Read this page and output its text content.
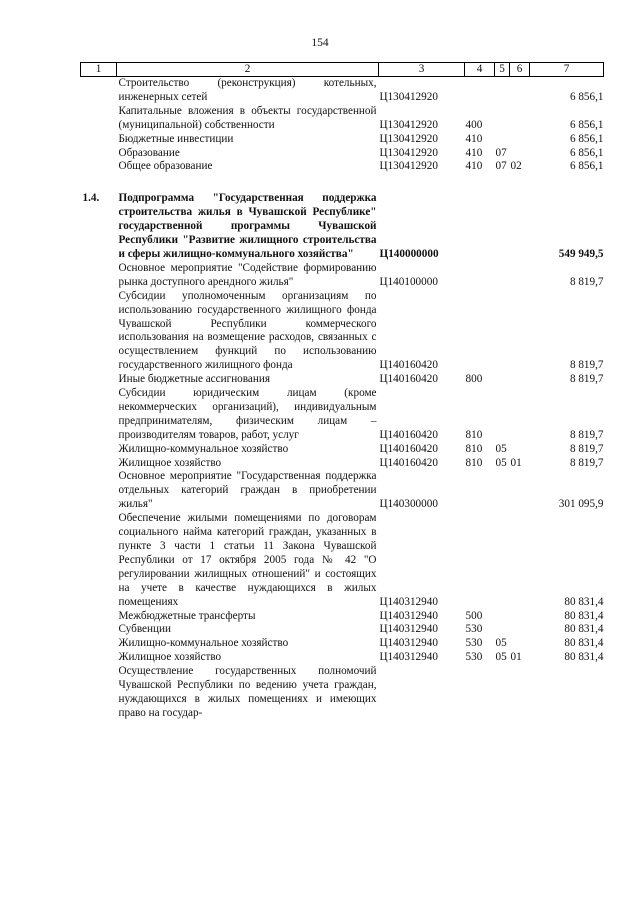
154
1	2	3	4	5	6	7
	Строительство (реконструкция) котельных, инженерных сетей	Ц130412920				6 856,1
	Капитальные вложения в объекты государственной (муниципальной) собственности	Ц130412920	400			6 856,1
	Бюджетные инвестиции	Ц130412920	410			6 856,1
	Образование	Ц130412920	410	07		6 856,1
	Общее образование	Ц130412920	410	07	02	6 856,1

1.4.	Подпрограмма "Государственная поддержка строительства жилья в Чувашской Республике" государственной программы Чувашской Республики "Развитие жилищного строительства и сферы жилищно-коммунального хозяйства"	Ц140000000				549 949,5
	Основное мероприятие "Содействие формированию рынка доступного арендного жилья"	Ц140100000				8 819,7
	Субсидии уполномоченным организациям по использованию государственного жилищного фонда Чувашской Республики коммерческого использования на возмещение расходов, связанных с осуществлением функций по использованию государственного жилищного фонда	Ц140160420				8 819,7
	Иные бюджетные ассигнования	Ц140160420	800			8 819,7
	Субсидии юридическим лицам (кроме некоммерческих организаций), индивидуальным предпринимателям, физическим лицам – производителям товаров, работ, услуг	Ц140160420	810			8 819,7
	Жилищно-коммунальное хозяйство	Ц140160420	810	05		8 819,7
	Жилищное хозяйство	Ц140160420	810	05	01	8 819,7
	Основное мероприятие "Государственная поддержка отдельных категорий граждан в приобретении жилья"	Ц140300000				301 095,9
	Обеспечение жилыми помещениями по договорам социального найма категорий граждан, указанных в пункте 3 части 1 статьи 11 Закона Чувашской Республики от 17 октября 2005 года № 42 "О регулировании жилищных отношений" и состоящих на учете в качестве нуждающихся в жилых помещениях	Ц140312940				80 831,4
	Межбюджетные трансферты	Ц140312940	500			80 831,4
	Субвенции	Ц140312940	530			80 831,4
	Жилищно-коммунальное хозяйство	Ц140312940	530	05		80 831,4
	Жилищное хозяйство	Ц140312940	530	05	01	80 831,4
	Осуществление государственных полномочий Чувашской Республики по ведению учета граждан, нуждающихся в жилых помещениях и имеющих право на государ-					
